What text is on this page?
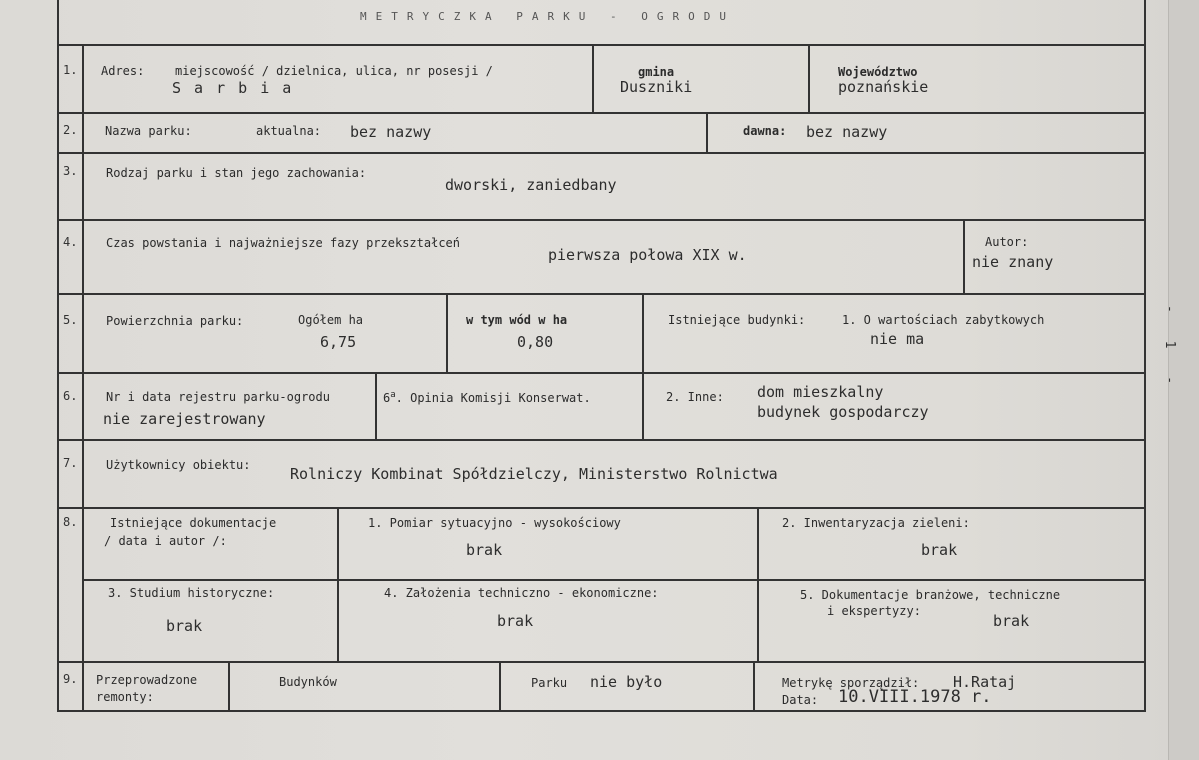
METRYCZKA PARKU - OGRODU
1. Adres:	miejscowość / dzielnica, ulica, nr posesji /
S a r b i a
gmina
Duszniki
Województwo
poznańskie
2. Nazwa parku:	aktualna: bez nazwy	dawna: bez nazwy
3. Rodzaj parku i stan jego zachowania:
dworski, zaniedbany
4. Czas powstania i najważniejsze fazy przekształceń
pierwsza połowa XIX w.
Autor:
nie znany
5. Powierzchnia parku:	Ogółem ha
6,75
w tym wód w ha
0,80
Istniejące budynki:	1. O wartościach zabytkowych
nie ma
6. Nr i data rejestru parku-ogrodu
nie zarejestrowany
6$^a$. Opinia Komisji Konserwat.	2. Inne: dom mieszkalny
budynek gospodarczy
7. Użytkownicy obiektu:	Rolniczy Kombinat Spółdzielczy, Ministerstwo Rolnictwa
8.	Istniejące dokumentacje
/ data i autor /:
1. Pomiar sytuacyjno - wysokościowy
brak
2. Inwentaryzacja zieleni:
brak
3. Studium historyczne:
brak
4. Założenia techniczno - ekonomiczne:
brak
5. Dokumentacje branżowe, techniczne
i ekspertyzy:
brak
9. Przeprowadzone
remonty:
Budynków	Parku nie było	Metrykę sporządził: H.Rataj
Data: 10.VIII.1978 r.
- 1 -
